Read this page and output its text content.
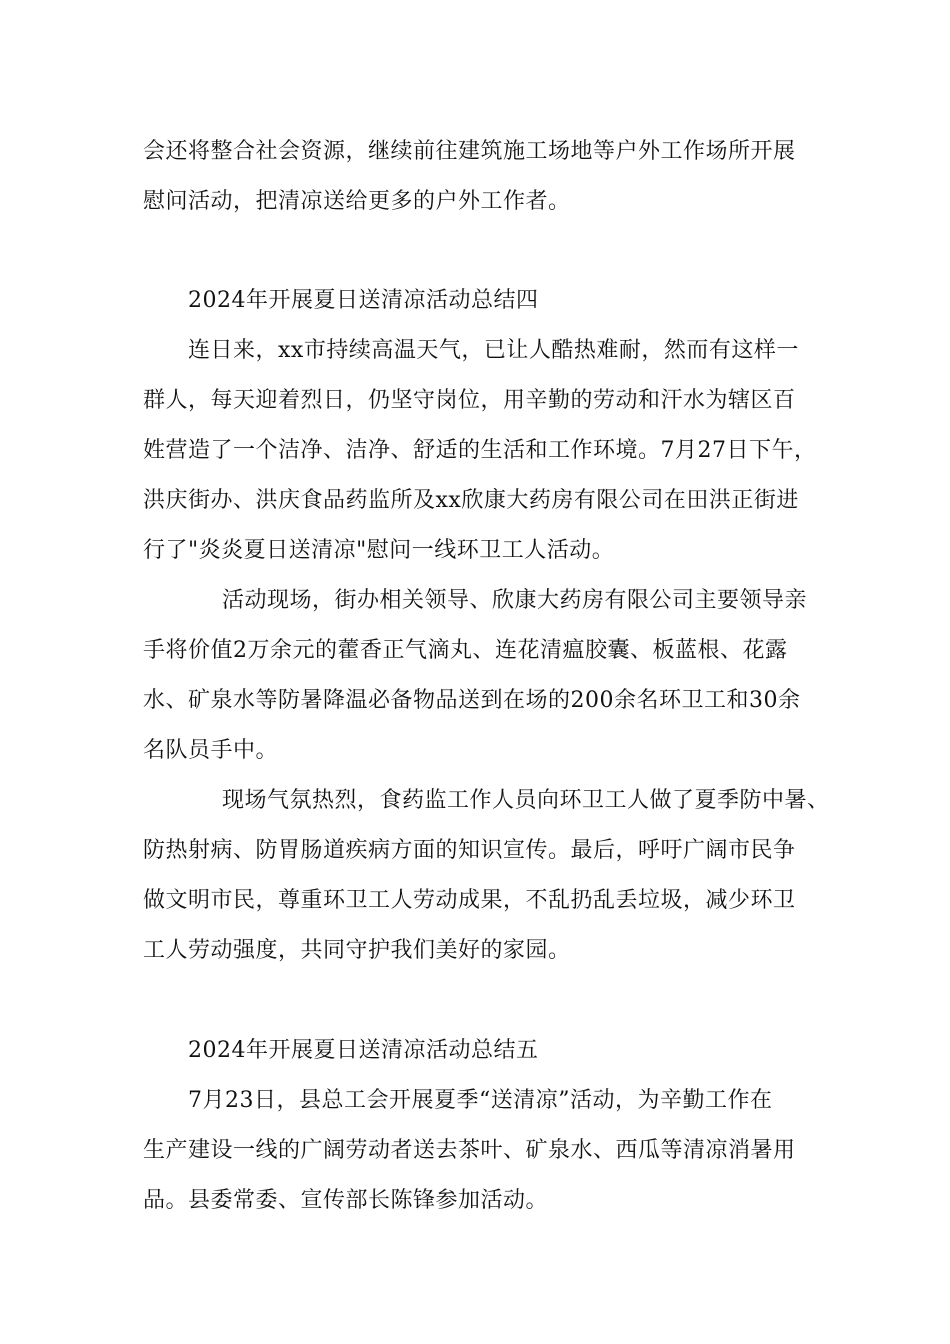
会还将整合社会资源，继续前往建筑施工场地等户外工作场所开展

慰问活动，把清凉送给更多的户外工作者。

2024年开展夏日送清凉活动总结四

连日来，xx市持续高温天气，已让人酷热难耐，然而有这样一

群人，每天迎着烈日，仍坚守岗位，用辛勤的劳动和汗水为辖区百

姓营造了一个洁净、洁净、舒适的生活和工作环境。7月27日下午，

洪庆街办、洪庆食品药监所及xx欣康大药房有限公司在田洪正街进

行了"炎炎夏日送清凉"慰问一线环卫工人活动。

活动现场，街办相关领导、欣康大药房有限公司主要领导亲

手将价值2万余元的藿香正气滴丸、连花清瘟胶囊、板蓝根、花露

水、矿泉水等防暑降温必备物品送到在场的200余名环卫工和30余

名队员手中。

现场气氛热烈，食药监工作人员向环卫工人做了夏季防中暑、

防热射病、防胃肠道疾病方面的知识宣传。最后，呼吁广阔市民争

做文明市民，尊重环卫工人劳动成果，不乱扔乱丢垃圾，减少环卫

工人劳动强度，共同守护我们美好的家园。

2024年开展夏日送清凉活动总结五

7月23日，县总工会开展夏季“送清凉”活动，为辛勤工作在

生产建设一线的广阔劳动者送去茶叶、矿泉水、西瓜等清凉消暑用

品。县委常委、宣传部长陈锋参加活动。
